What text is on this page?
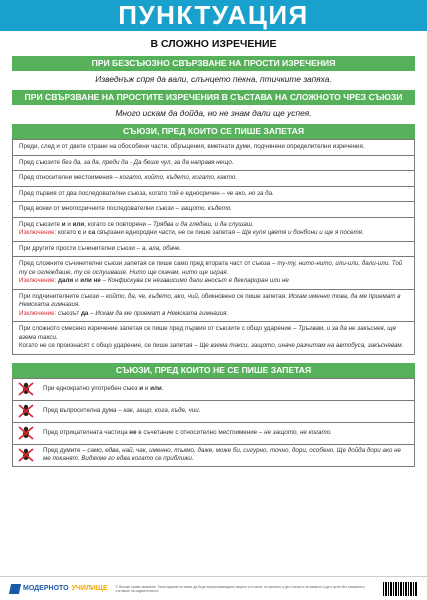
ПУНКТУАЦИЯ
В СЛОЖНО ИЗРЕЧЕНИЕ
ПРИ БЕЗСЪЮЗНО СВЪРЗВАНЕ НА ПРОСТИ ИЗРЕЧЕНИЯ
Изведнъж спря да вали, слънцето пекна, птичките запяха.
ПРИ СВЪРЗВАНЕ НА ПРОСТИТЕ ИЗРЕЧЕНИЯ В СЪСТАВА НА СЛОЖНОТО ЧРЕЗ СЪЮЗИ
Много искам да дойда, но не знам дали ще успея.
СЪЮЗИ, ПРЕД КОИТО СЕ ПИШЕ ЗАПЕТАЯ
Преди, след и от двете страни на обособени части, обръщения, вметнати думи, подчинени определителни изречения.
Пред съюзите без да, за да, преди да - Да беше чул, за да направя нещо.
Пред относителни местоимения – когато, който, където, когато, както.
Пред първия от два последователни съюза, когато той е едносричен – че ако, но за да.
Пред всеки от многосричните последователни съюзи – защото, където.
Пред съюзите и и или, когато се повторени – Трябва и да гледаш, и да слушаш.
Изключение: когато с и са свързани еднородни части, не се пише запетая – Ще купя цветя и бонбони и ще я посетя.
При другите прости съчинителни съюзи – а, ала, обаче.
Пред сложните съчинителни съюзи запетая се пише само пред втората част от съюза – ту-ту, нито-нито, или-или, дали-или. Той ту се оглеждаше, ту се ослушваше. Нито ще скачам, нито ще играя.
Изключение: дали и или не – Конфискува се независимо дали вносът е деклариран или не
При подчинителните съюзи – който, да, че, където, ако, чий, обикновено се пише запетая. Искам именно това, да ме приемат в Немската гимназия.
Изключение: съюзът да – Искам да ме приемат в Немската гимназия.
При сложното смесено изречение запетая се пише пред първия от съюзите с общо ударение – Тръгвам, и за да не закъснея, ще взема такси.
Когато не се произнасят с общо ударение, се пише запетая – Ще взема такси, защото, иначе разчитам на автобуса, закъснявам.
СЪЮЗИ, ПРЕД КОИТО НЕ СЕ ПИШЕ ЗАПЕТАЯ
При еднократно употребен съюз и и или.
Пред въпросителна дума – как, защо, кога, къде, чии.
Пред отрицателната частица не в съчетание с относително местоимение – не защото, не когато.
Пред думите – само, едва, най, чак, именно, тъкмо, даже, може би, сигурно, точно, дори, особено. Ще дойда дори ако не ме поканят. Видяхме го едва когато се приближи.
МОДЕРНОТО УЧИЛИЩЕ © Всички права запазени. Тази издание не може да бъде възпроизвеждано изцяло и в части, по какъвто и да е начин и за каквито и да е цели без писменото съгласие на издателството.
